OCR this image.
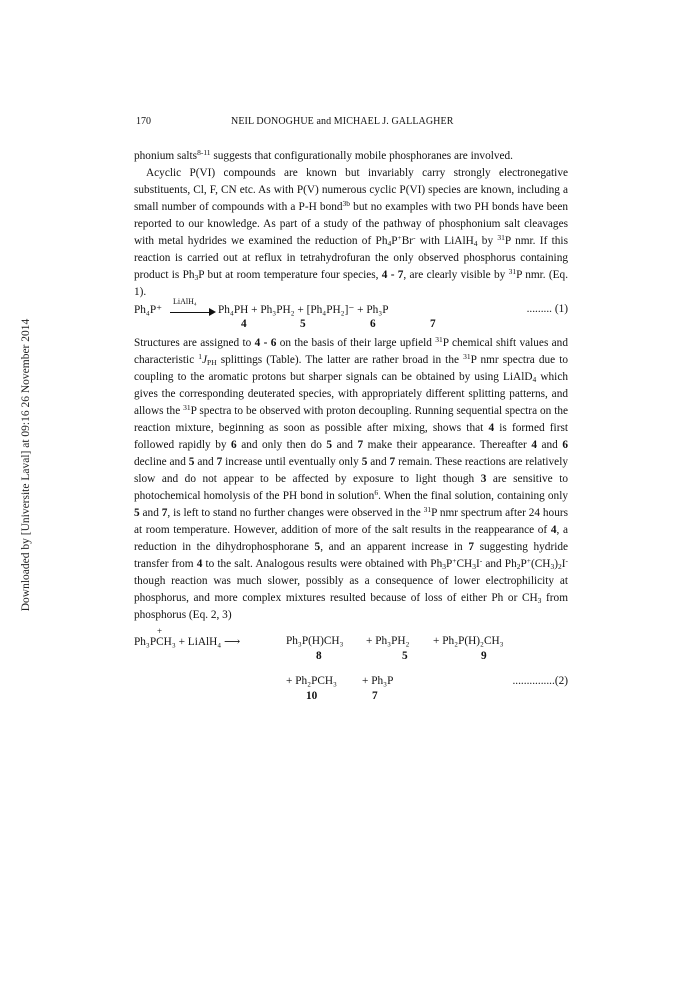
Downloaded by [Universite Laval] at 09:16 26 November 2014
170	NEIL DONOGHUE and MICHAEL J. GALLAGHER

phonium salts$^{8-11}$ suggests that configurationally mobile phosphoranes are involved.

Acyclic P(VI) compounds are known but invariably carry strongly electronegative substituents, Cl, F, CN etc. As with P(V) numerous cyclic P(VI) species are known, including a small number of compounds with a P-H bond$^{3b}$ but no examples with two PH bonds have been reported to our knowledge. As part of a study of the pathway of phosphonium salt cleavages with metal hydrides we examined the reduction of $Ph_4P^+Br^-$ with LiAlH$_4$ by $^{31}$P nmr. If this reaction is carried out at reflux in tetrahydrofuran the only observed phosphorus containing product is $Ph_3P$ but at room temperature four species, 4 - 7, are clearly visible by $^{31}$P nmr. (Eq. 1).

Ph₄P⁺
LiAlH₄
Ph₄PH + Ph₃PH₂ + [Ph₄PH₂]⁻ + Ph₃P	......... (1)
4	5	6	7

Structures are assigned to 4 - 6 on the basis of their large upfield $^{31}$P chemical shift values and characteristic $^1J_{PH}$ splittings (Table). The latter are rather broad in the $^{31}$P nmr spectra due to coupling to the aromatic protons but sharper signals can be obtained by using LiAlD$_4$ which gives the corresponding deuterated species, with appropriately different splitting patterns, and allows the $^{31}$P spectra to be observed with proton decoupling. Running sequential spectra on the reaction mixture, beginning as soon as possible after mixing, shows that 4 is formed first followed rapidly by 6 and only then do 5 and 7 make their appearance. Thereafter 4 and 6 decline and 5 and 7 increase until eventually only 5 and 7 remain. These reactions are relatively slow and do not appear to be affected by exposure to light though 3 are sensitive to photochemical homolysis of the PH bond in solution$^6$. When the final solution, containing only 5 and 7, is left to stand no further changes were observed in the $^{31}$P nmr spectrum after 24 hours at room temperature. However, addition of more of the salt results in the reappearance of 4, a reduction in the dihydrophosphorane 5, and an apparent increase in 7 suggesting hydride transfer from 4 to the salt. Analogous results were obtained with $Ph_3P^+CH_3I^-$ and $Ph_2P^+(CH_3)_2I^-$ though reaction was much slower, possibly as a consequence of lower electrophilicity at phosphorus, and more complex mixtures resulted because of loss of either Ph or $CH_3$ from phosphorus (Eq. 2, 3)

+
Ph₃PCH₃ + LiAlH₄ ⟶	Ph₃P(H)CH₃ + Ph₃PH₂ + Ph₂P(H)₂CH₃
8	5	9
+ Ph₂PCH₃ + Ph₃P	...............(2)
10	7
